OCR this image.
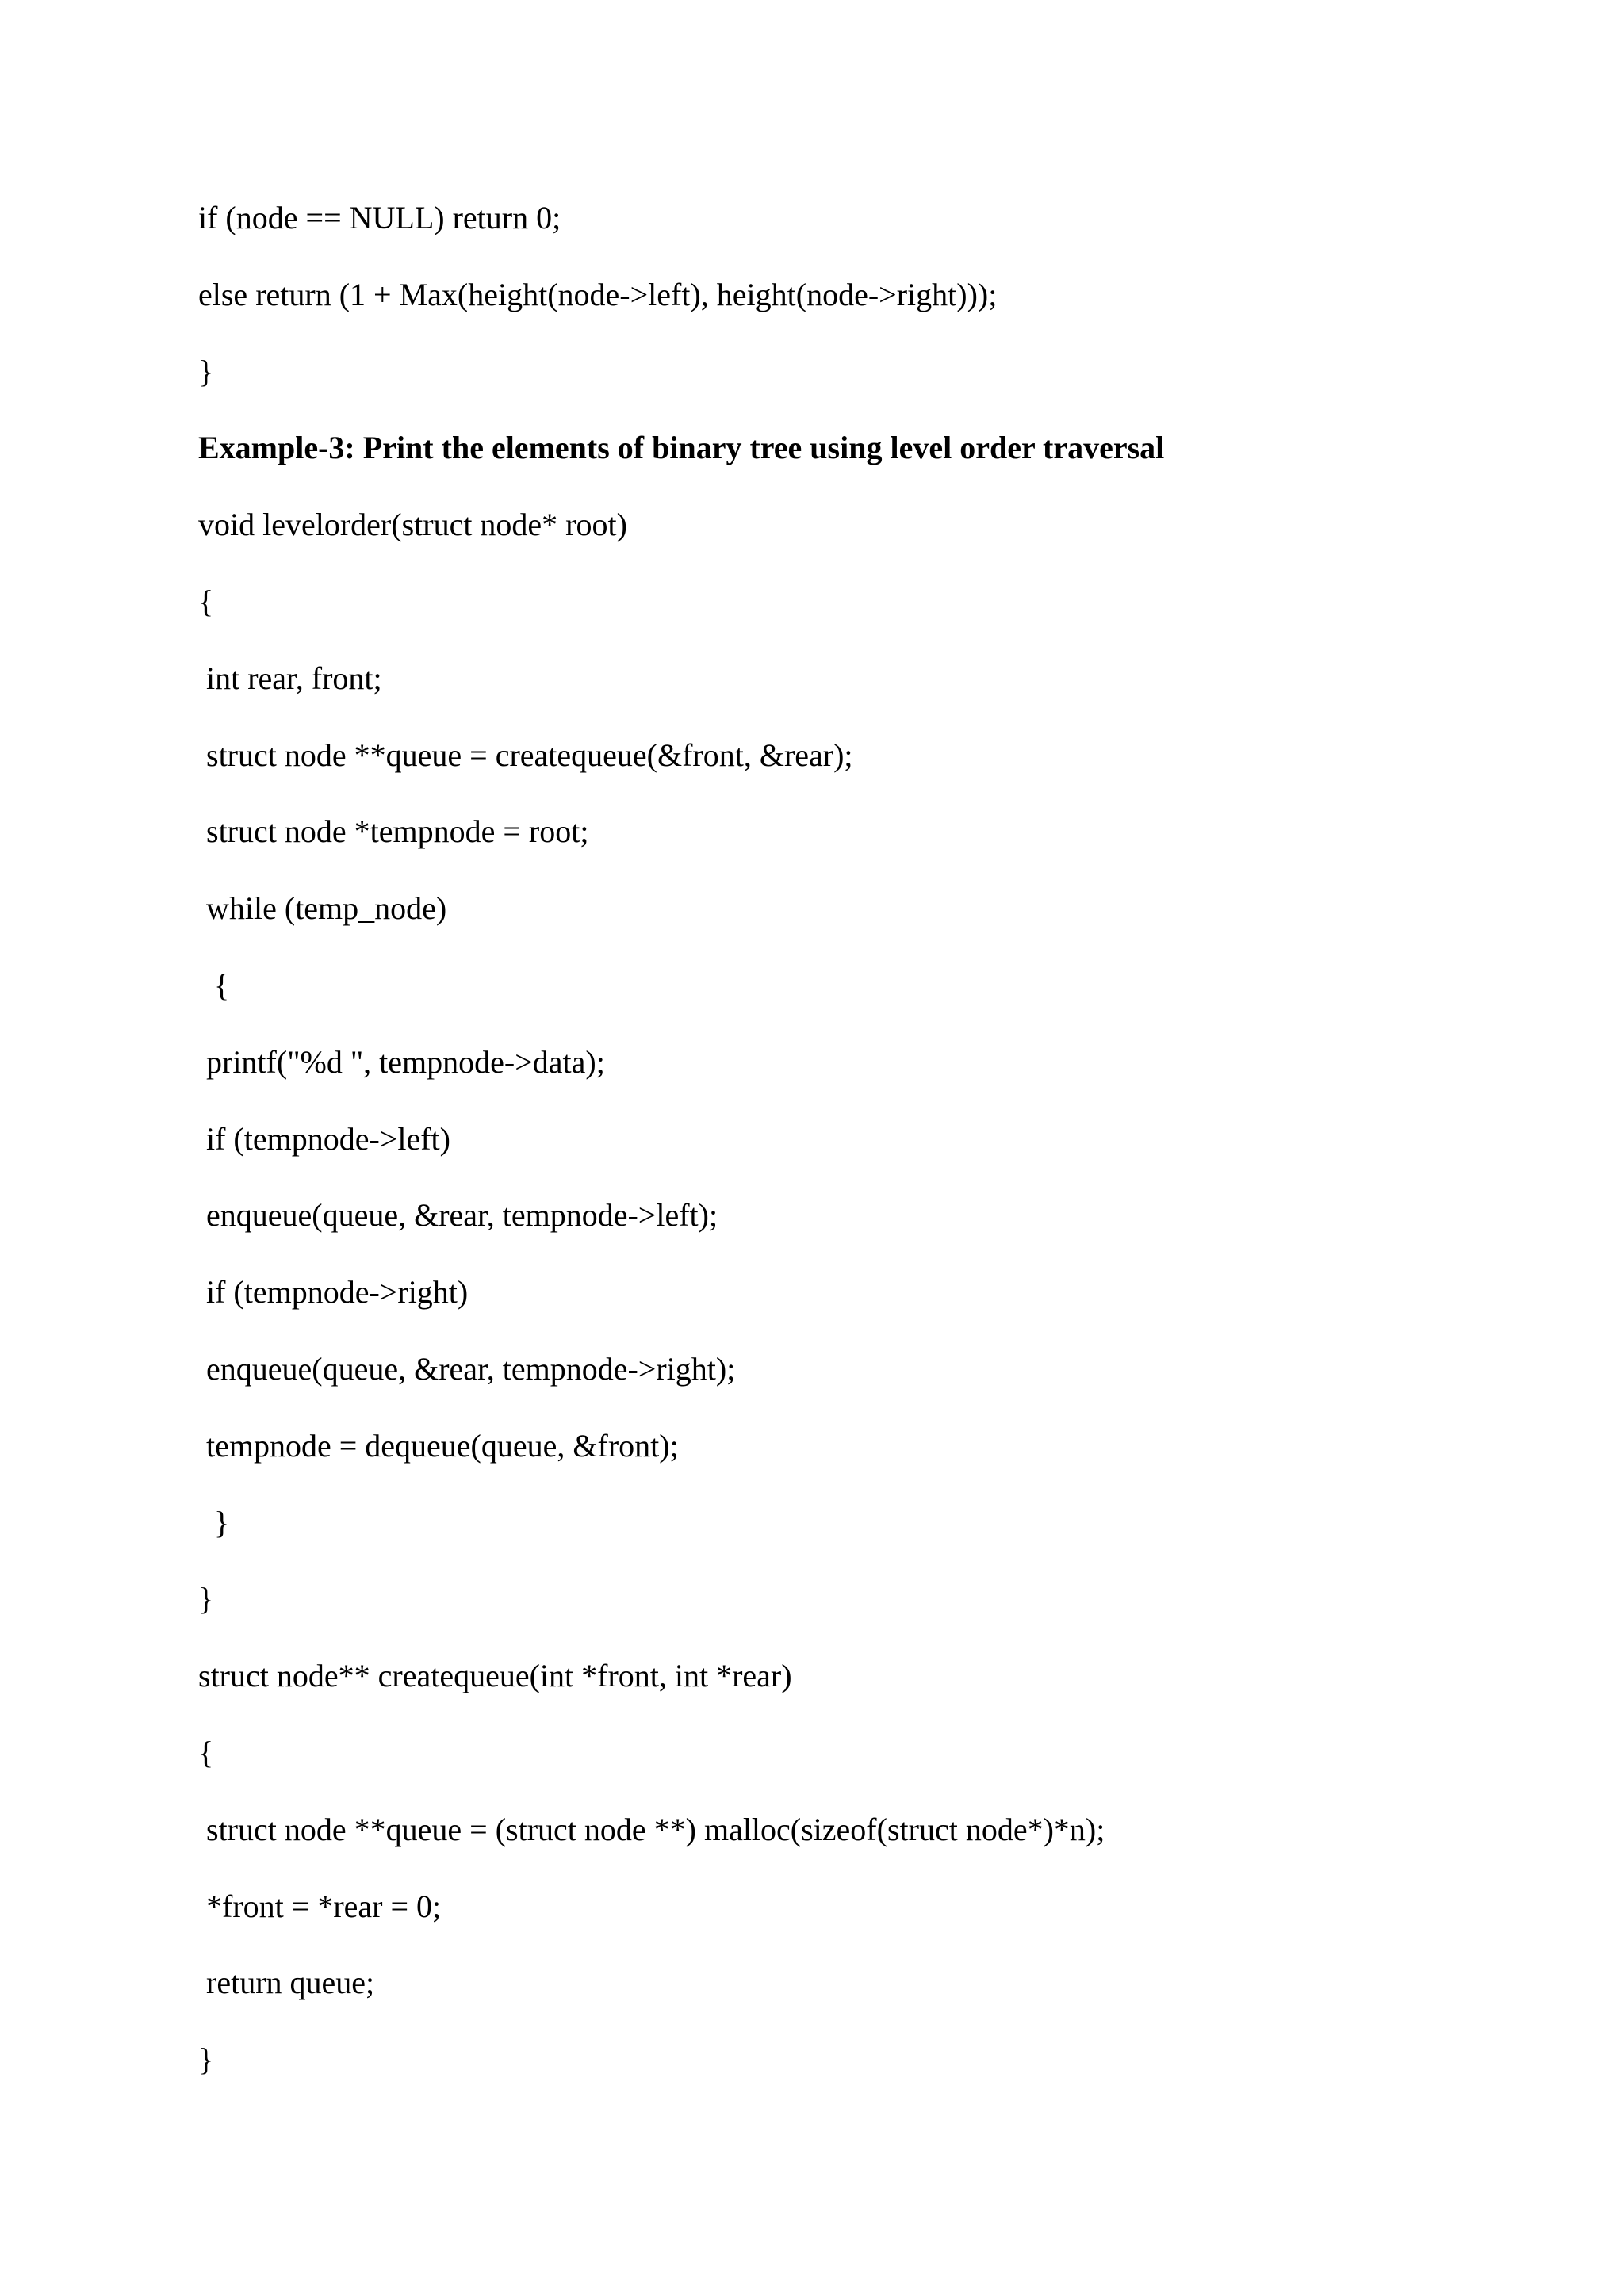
if (node == NULL) return 0;
else return (1 + Max(height(node->left), height(node->right)));
}
Example-3: Print the elements of binary tree using level order traversal
void levelorder(struct node* root)
{
int rear, front;
struct node **queue = createqueue(&front, &rear);
struct node *tempnode = root;
while (temp_node)
{
printf("%d ", tempnode->data);
if (tempnode->left)
enqueue(queue, &rear, tempnode->left);
if (tempnode->right)
enqueue(queue, &rear, tempnode->right);
tempnode = dequeue(queue, &front);
}
}
struct node** createqueue(int *front, int *rear)
{
struct node **queue = (struct node **) malloc(sizeof(struct node*)*n);
*front = *rear = 0;
return queue;
}
